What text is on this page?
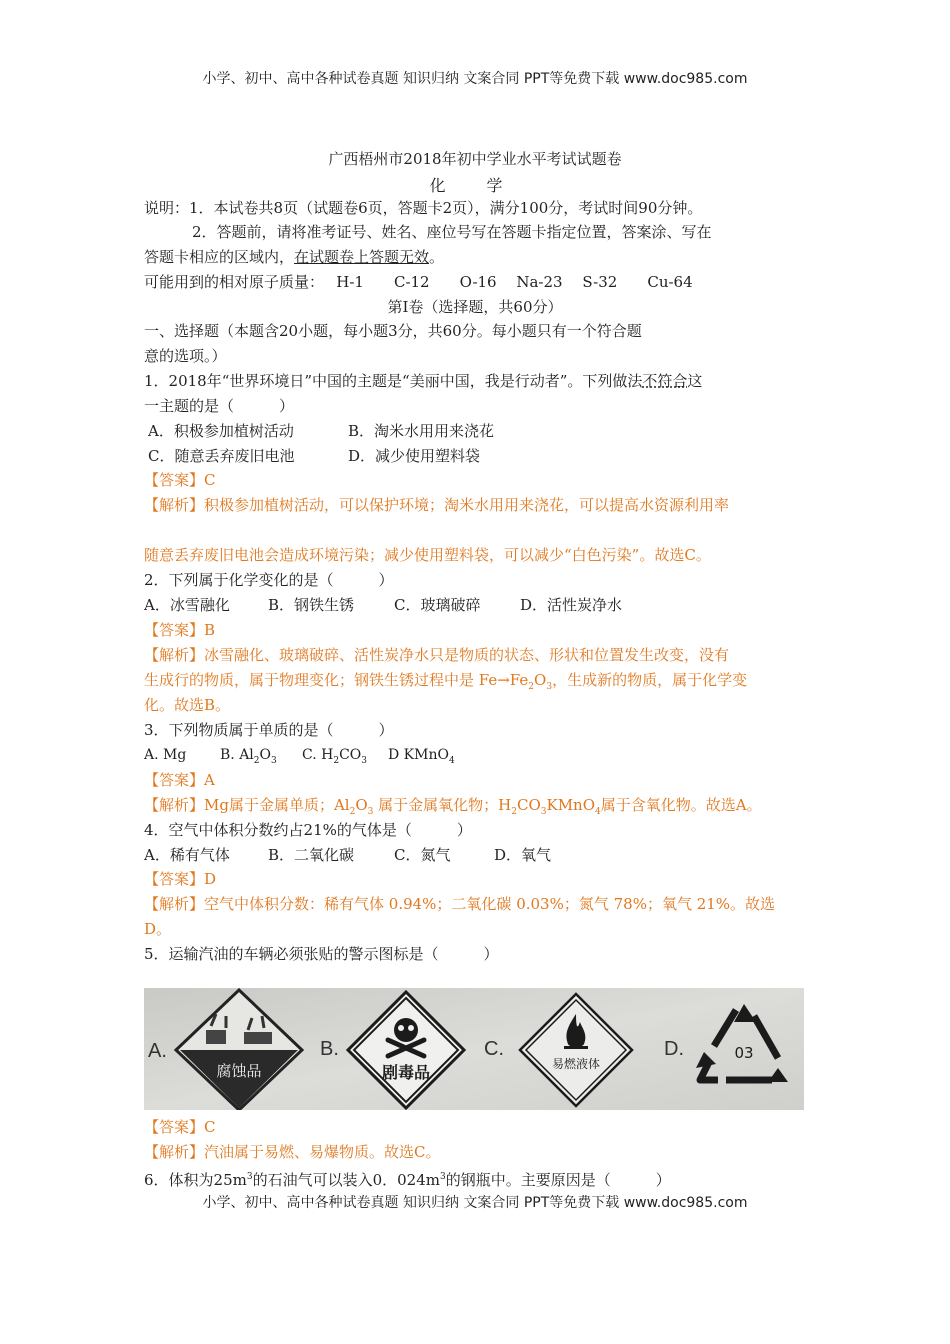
小学、初中、高中各种试卷真题 知识归纳 文案合同 PPT等免费下载 www.doc985.com
广西梧州市2018年初中学业水平考试试题卷
化 学
说明：1．本试卷共8页（试题卷6页，答题卡2页），满分100分，考试时间90分钟。
2．答题前，请将准考证号、姓名、座位号写在答题卡指定位置，答案涂、写在
答题卡相应的区域内，在试题卷上答题无效。
可能用到的相对原子质量：　 H-1　　C-12　　O-16　 Na-23　 S-32　　Cu-64
第Ⅰ卷（选择题，共60分）
一、选择题（本题含20小题，每小题3分，共60分。每小题只有一个符合题
意的选项。）
1．2018年“世界环境日”中国的主题是“美丽中国，我是行动者”。下列做法不符合这
一主题的是（　　　）
A．积极参加植树活动	B．淘米水用用来浇花
C．随意丢弃废旧电池	D．减少使用塑料袋
【答案】C
【解析】积极参加植树活动，可以保护环境；淘米水用用来浇花，可以提高水资源利用率
随意丢弃废旧电池会造成环境污染；减少使用塑料袋，可以减少“白色污染”。故选C。
2．下列属于化学变化的是（　　　）
A．冰雪融化	B．钢铁生锈	C．玻璃破碎	D．活性炭净水
【答案】B
【解析】冰雪融化、玻璃破碎、活性炭净水只是物质的状态、形状和位置发生改变，没有
生成行的物质，属于物理变化；钢铁生锈过程中是 $Fe\to Fe_2O_3$，生成新的物质，属于化学变
化。故选B。
3．下列物质属于单质的是（　　　）
A. Mg B. $Al_2O_3$ C. $H_2CO_3$ D KMnO$_4$
【答案】A
【解析】Mg属于金属单质；$Al_2O_3$ 属于金属氧化物；$H_2CO_3KMnO_4$属于含氧化物。故选A。
4．空气中体积分数约占21%的气体是（　　　）
A．稀有气体	B．二氧化碳	C．氮气	D．氧气
【答案】D
【解析】空气中体积分数：稀有气体 0.94%；二氧化碳 0.03%；氮气 78%；氧气 21%。故选
D。
5．运输汽油的车辆必须张贴的警示图标是（　　　）
腐蚀品	剧毒品	易燃液体
03
A.	B.	C.	D.
【答案】C
【解析】汽油属于易燃、易爆物质。故选C。
6．体积为$25m^3$的石油气可以装入0．$024m^3$的钢瓶中。主要原因是（　　　）
小学、初中、高中各种试卷真题 知识归纳 文案合同 PPT等免费下载 www.doc985.com
